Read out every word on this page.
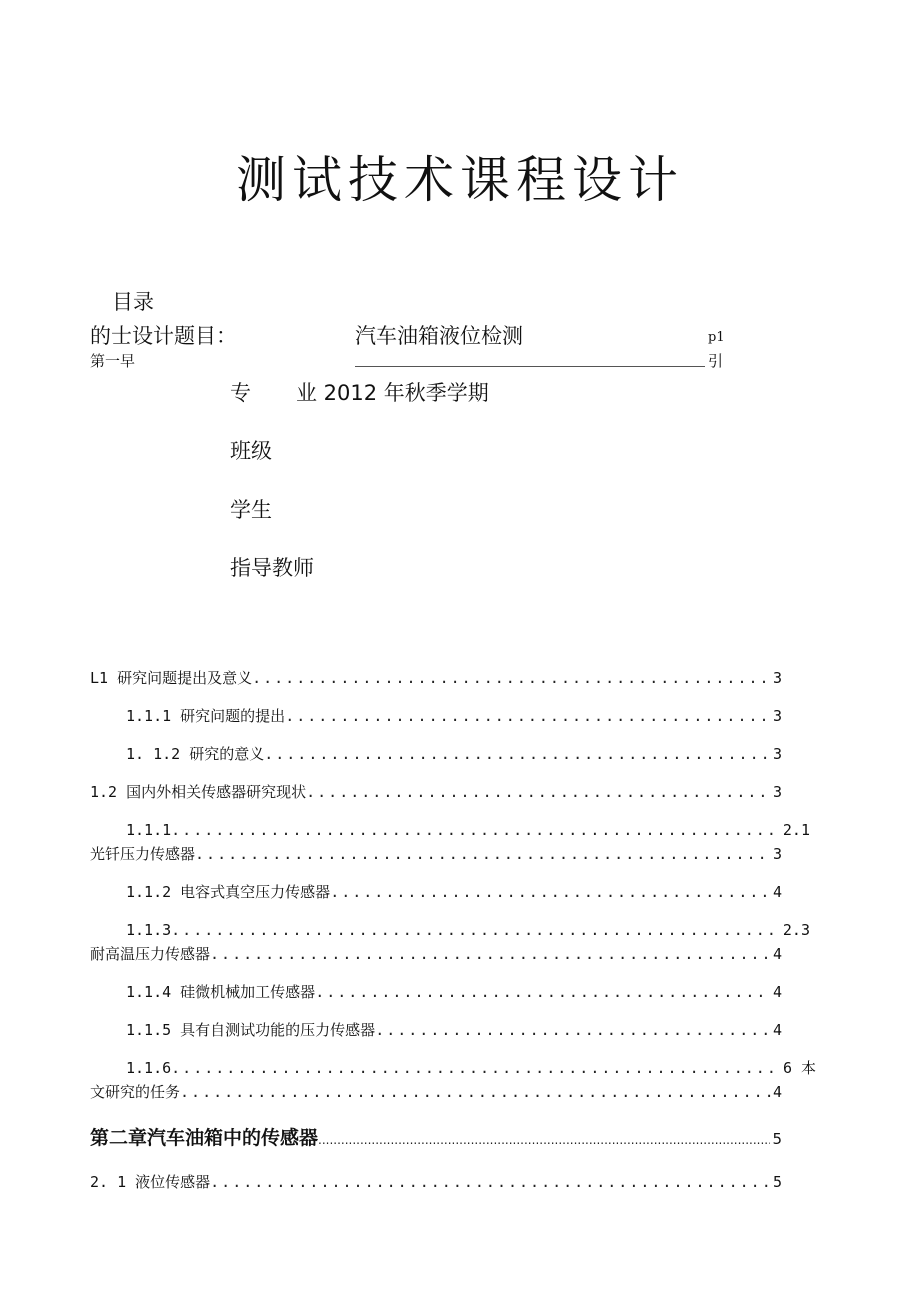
测试技术课程设计
目录
的士设计题目：	汽车油箱液位检测
第一早
p1
引
专 业 2012 年秋季学期
班级
学生
指导教师
L1 研究问题提出及意义 .....	3
1.1.1 研究问题的提出 .....	3
1. 1.2 研究的意义 .....	3
1.2 国内外相关传感器研究现状 .....	3
1.1.1 .....	2.1
光钎压力传感器 .....	3
1.1.2 电容式真空压力传感器 .....	4
1.1.3 .....	2.3
耐高温压力传感器 .....	4
1.1.4 硅微机械加工传感器 .....	4
1.1.5 具有自测试功能的压力传感器 .....	4
1.1.6 .....	6 本
文研究的任务 .....	4
第二章汽车油箱中的传感器 .....	5
2. 1 液位传感器 .....	5
